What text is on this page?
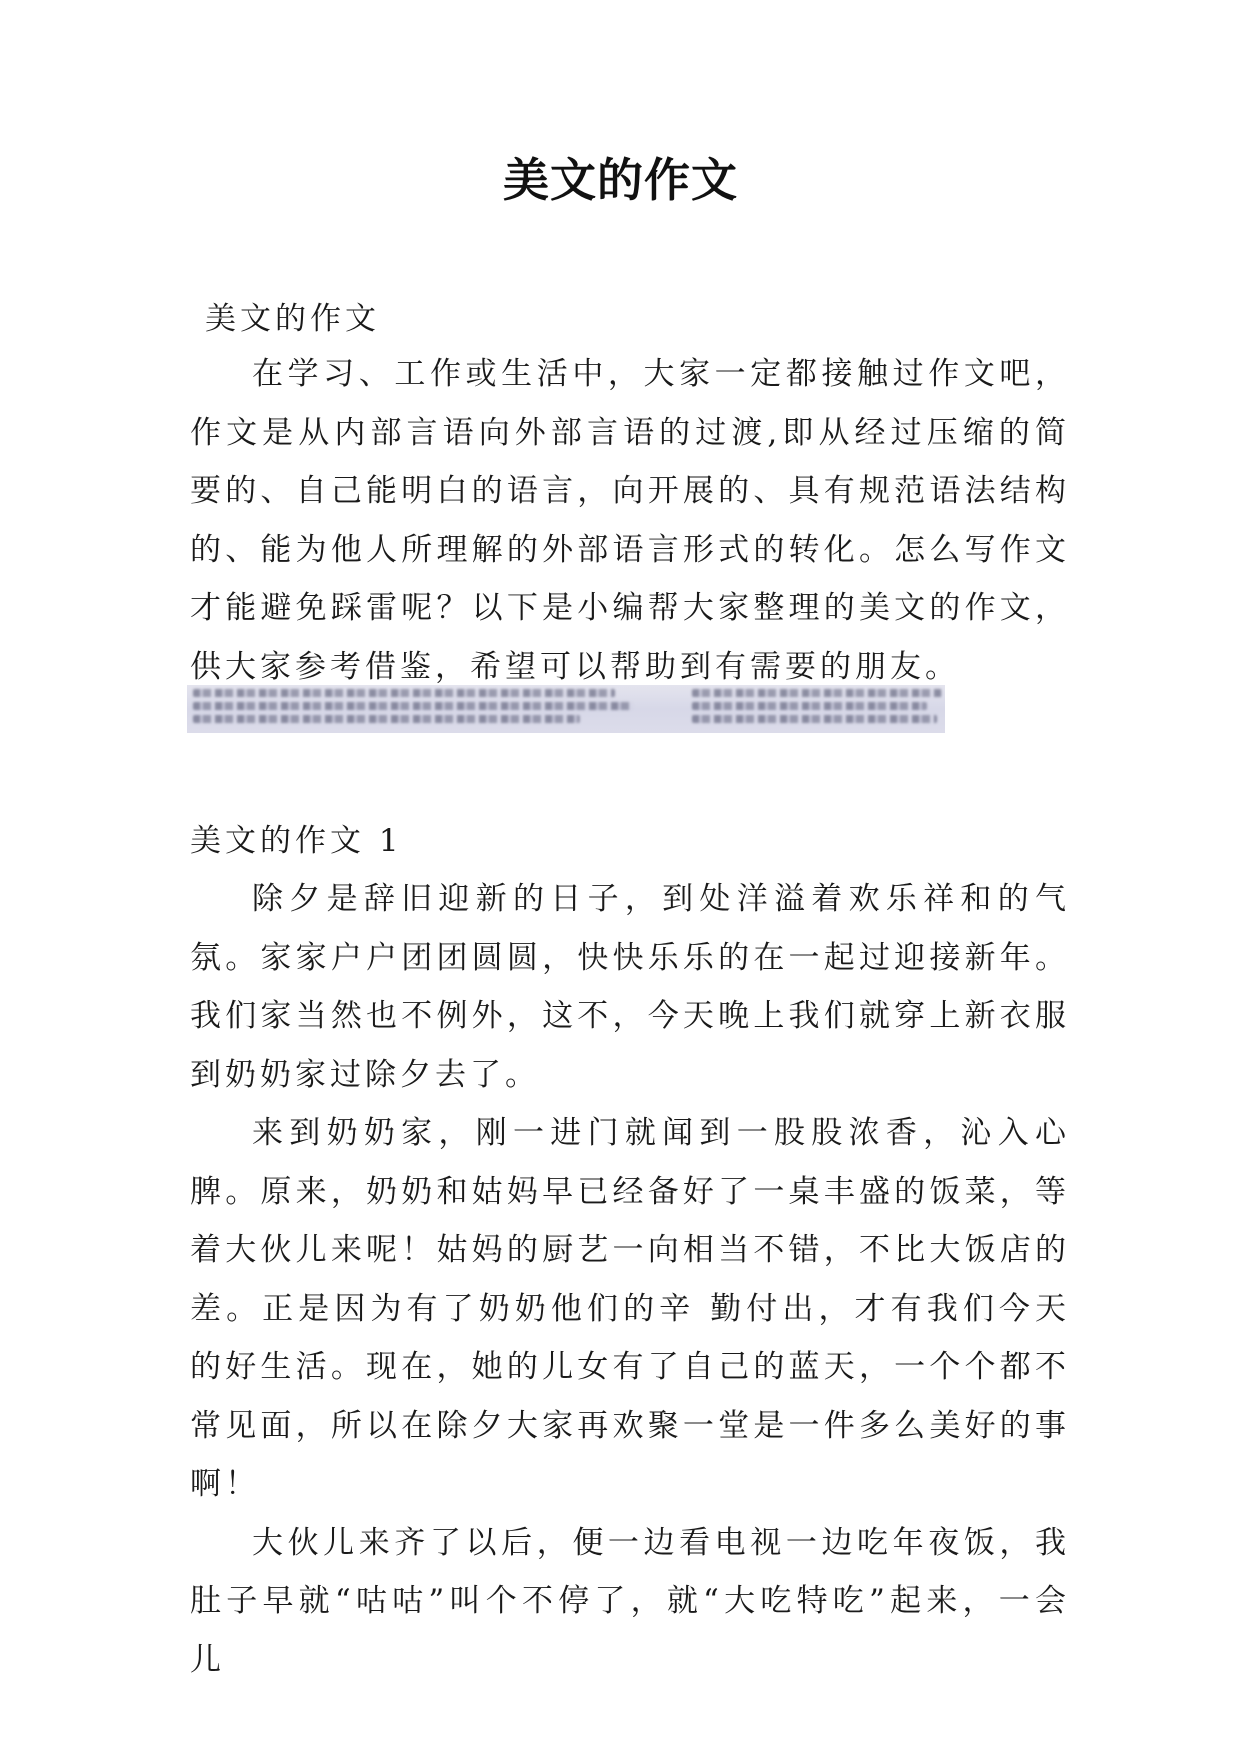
美文的作文
美文的作文

在学习、工作或生活中，大家一定都接触过作文吧，作文是从内部言语向外部言语的过渡,即从经过压缩的简要的、自己能明白的语言，向开展的、具有规范语法结构的、能为他人所理解的外部语言形式的转化。怎么写作文才能避免踩雷呢？以下是小编帮大家整理的美文的作文，供大家参考借鉴，希望可以帮助到有需要的朋友。

美文的作文 1

除夕是辞旧迎新的日子，到处洋溢着欢乐祥和的气氛。家家户户团团圆圆，快快乐乐的在一起过迎接新年。我们家当然也不例外，这不，今天晚上我们就穿上新衣服到奶奶家过除夕去了。

来到奶奶家，刚一进门就闻到一股股浓香，沁入心脾。原来，奶奶和姑妈早已经备好了一桌丰盛的饭菜，等着大伙儿来呢！姑妈的厨艺一向相当不错，不比大饭店的差。正是因为有了奶奶他们的辛 勤付出，才有我们今天的好生活。现在，她的儿女有了自己的蓝天，一个个都不常见面，所以在除夕大家再欢聚一堂是一件多么美好的事啊！

大伙儿来齐了以后，便一边看电视一边吃年夜饭，我肚子早就“咕咕”叫个不停了，就“大吃特吃”起来，一会儿
